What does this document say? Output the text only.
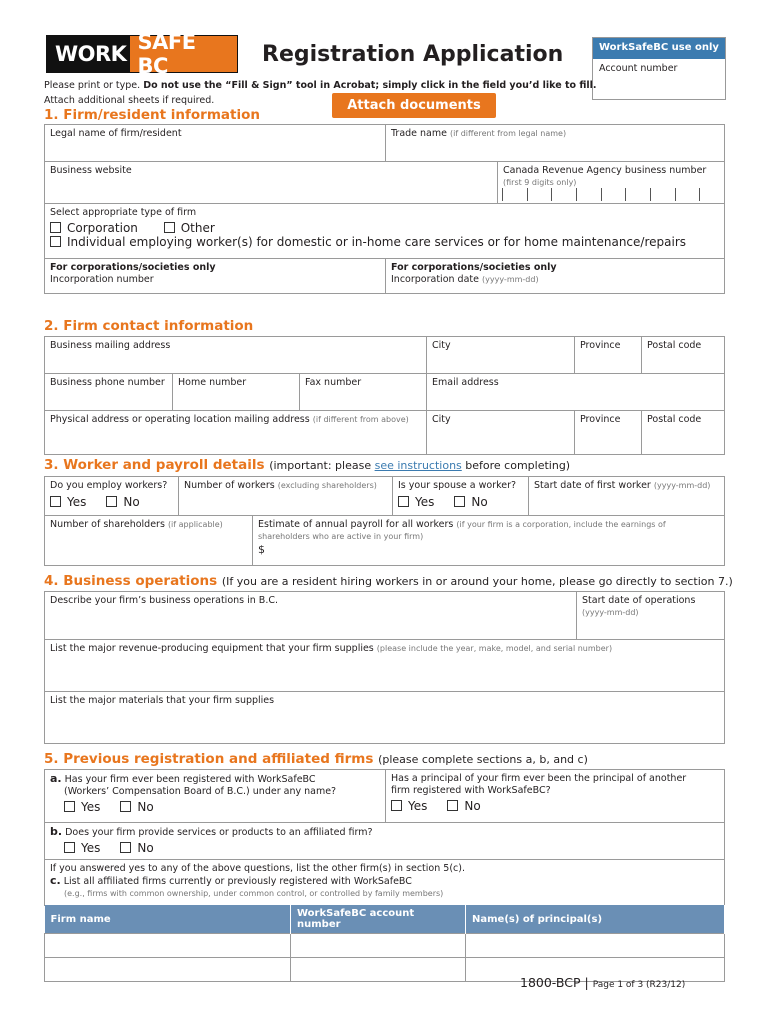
WORK SAFE BC	Registration Application	WorkSafeBC use only
Account number
Please print or type. Do not use the “Fill & Sign” tool in Acrobat; simply click in the field you’d like to fill.
Attach additional sheets if required.	Attach documents
1. Firm/resident information
Legal name of firm/resident	Trade name (if different from legal name)
Business website	Canada Revenue Agency business number
(first 9 digits only)
Select appropriate type of firm
Corporation	Other
Individual employing worker(s) for domestic or in-home care services or for home maintenance/repairs
For corporations/societies only
Incorporation number
For corporations/societies only
Incorporation date (yyyy-mm-dd)
2. Firm contact information
Business mailing address	City	Province	Postal code
Business phone number	Home number	Fax number	Email address
Physical address or operating location mailing address (if different from above)	City	Province	Postal code
3. Worker and payroll details (important: please see instructions before completing)
Do you employ workers?
Yes	No
Number of workers (excluding shareholders)	Is your spouse a worker?
Yes	No
Start date of first worker (yyyy-mm-dd)
Number of shareholders (if applicable)	Estimate of annual payroll for all workers (if your firm is a corporation, include the earnings of shareholders who are active in your firm)
$
4. Business operations (If you are a resident hiring workers in or around your home, please go directly to section 7.)
Describe your firm’s business operations in B.C.	Start date of operations
(yyyy-mm-dd)
List the major revenue-producing equipment that your firm supplies (please include the year, make, model, and serial number)
List the major materials that your firm supplies
5. Previous registration and affiliated firms (please complete sections a, b, and c)
a. Has your firm ever been registered with WorkSafeBC
(Workers’ Compensation Board of B.C.) under any name?
Yes	No
Has a principal of your firm ever been the principal of another
firm registered with WorkSafeBC?
Yes	No
b. Does your firm provide services or products to an affiliated firm?
Yes	No
If you answered yes to any of the above questions, list the other firm(s) in section 5(c).
c. List all affiliated firms currently or previously registered with WorkSafeBC
(e.g., firms with common ownership, under common control, or controlled by family members)
Firm name	WorkSafeBC account number	Name(s) of principal(s)

1800-BCP | Page 1 of 3 (R23/12)
